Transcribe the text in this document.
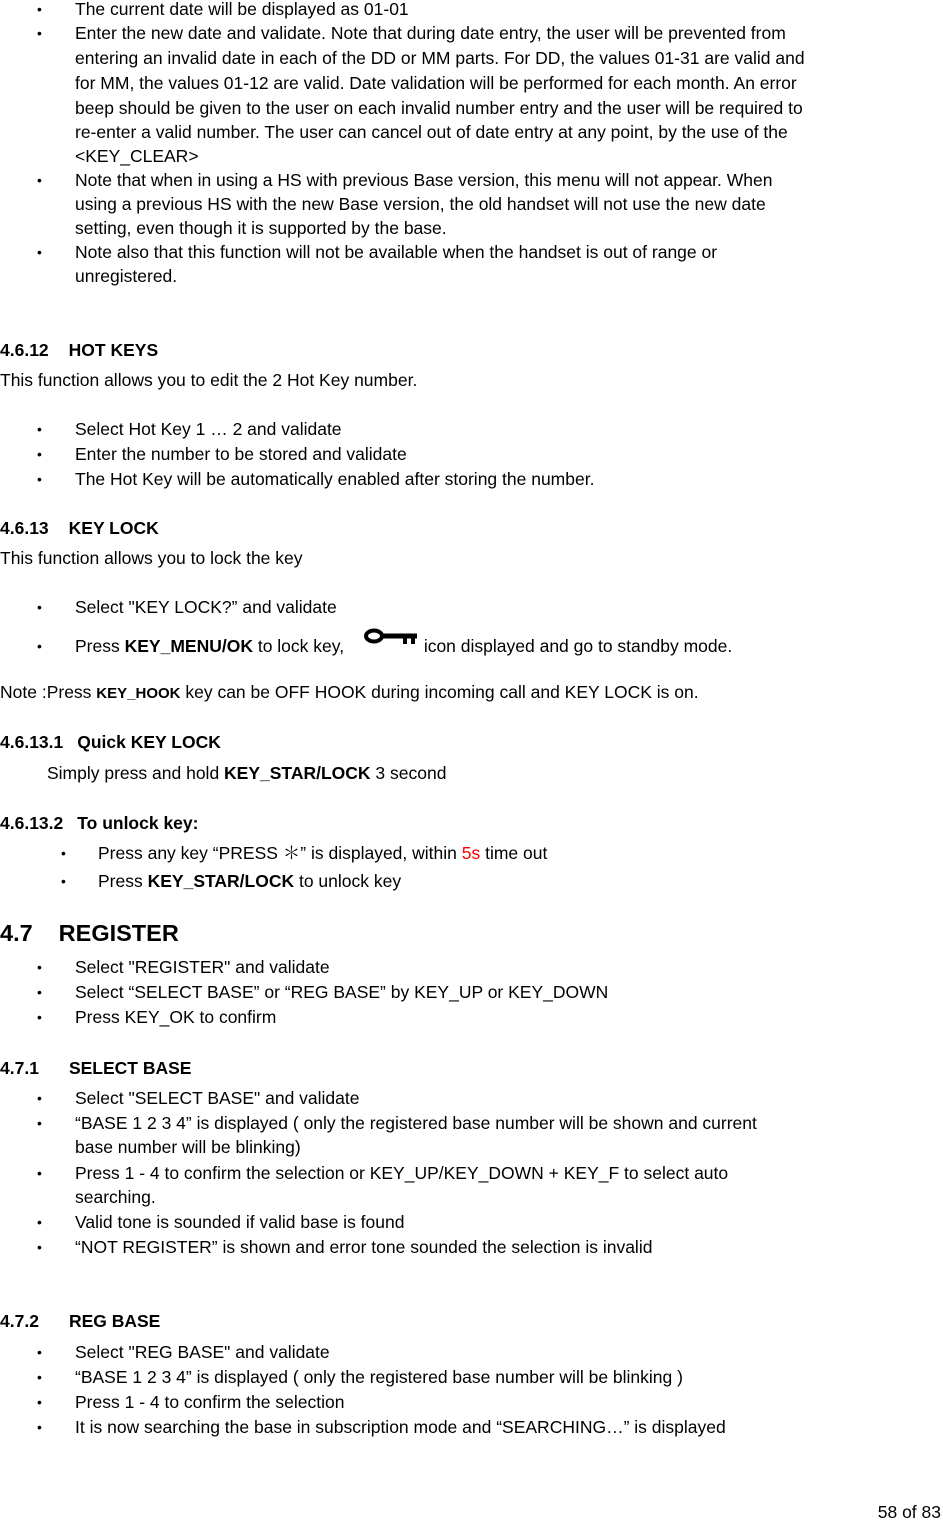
• The current date will be displayed as 01-01
• Enter the new date and validate. Note that during date entry, the user will be prevented from
entering an invalid date in each of the DD or MM parts. For DD, the values 01-31 are valid and
for MM, the values 01-12 are valid. Date validation will be performed for each month. An error
beep should be given to the user on each invalid number entry and the user will be required to
re-enter a valid number. The user can cancel out of date entry at any point, by the use of the
<KEY_CLEAR>
• Note that when in using a HS with previous Base version, this menu will not appear. When
using a previous HS with the new Base version, the old handset will not use the new date
setting, even though it is supported by the base.
• Note also that this function will not be available when the handset is out of range or
unregistered.
4.6.12 HOT KEYS
This function allows you to edit the 2 Hot Key number.
• Select Hot Key 1 … 2 and validate
• Enter the number to be stored and validate
• The Hot Key will be automatically enabled after storing the number.
4.6.13 KEY LOCK
This function allows you to lock the key
• Select "KEY LOCK?” and validate
• Press KEY_MENU/OK to lock key,	icon displayed and go to standby mode.
Note :Press KEY_HOOK key can be OFF HOOK during incoming call and KEY LOCK is on.
4.6.13.1 Quick KEY LOCK
Simply press and hold KEY_STAR/LOCK 3 second
4.6.13.2 To unlock key:
• Press any key “PRESS ＊” is displayed, within 5s time out
• Press KEY_STAR/LOCK to unlock key
4.7 REGISTER
• Select "REGISTER" and validate
• Select “SELECT BASE” or “REG BASE” by KEY_UP or KEY_DOWN
• Press KEY_OK to confirm
4.7.1 SELECT BASE
• Select "SELECT BASE" and validate
• “BASE 1 2 3 4” is displayed ( only the registered base number will be shown and current
base number will be blinking)
• Press 1 - 4 to confirm the selection or KEY_UP/KEY_DOWN + KEY_F to select auto
searching.
• Valid tone is sounded if valid base is found
• “NOT REGISTER” is shown and error tone sounded the selection is invalid
4.7.2 REG BASE
• Select "REG BASE" and validate
• “BASE 1 2 3 4” is displayed ( only the registered base number will be blinking )
• Press 1 - 4 to confirm the selection
• It is now searching the base in subscription mode and “SEARCHING…” is displayed
58 of 83
